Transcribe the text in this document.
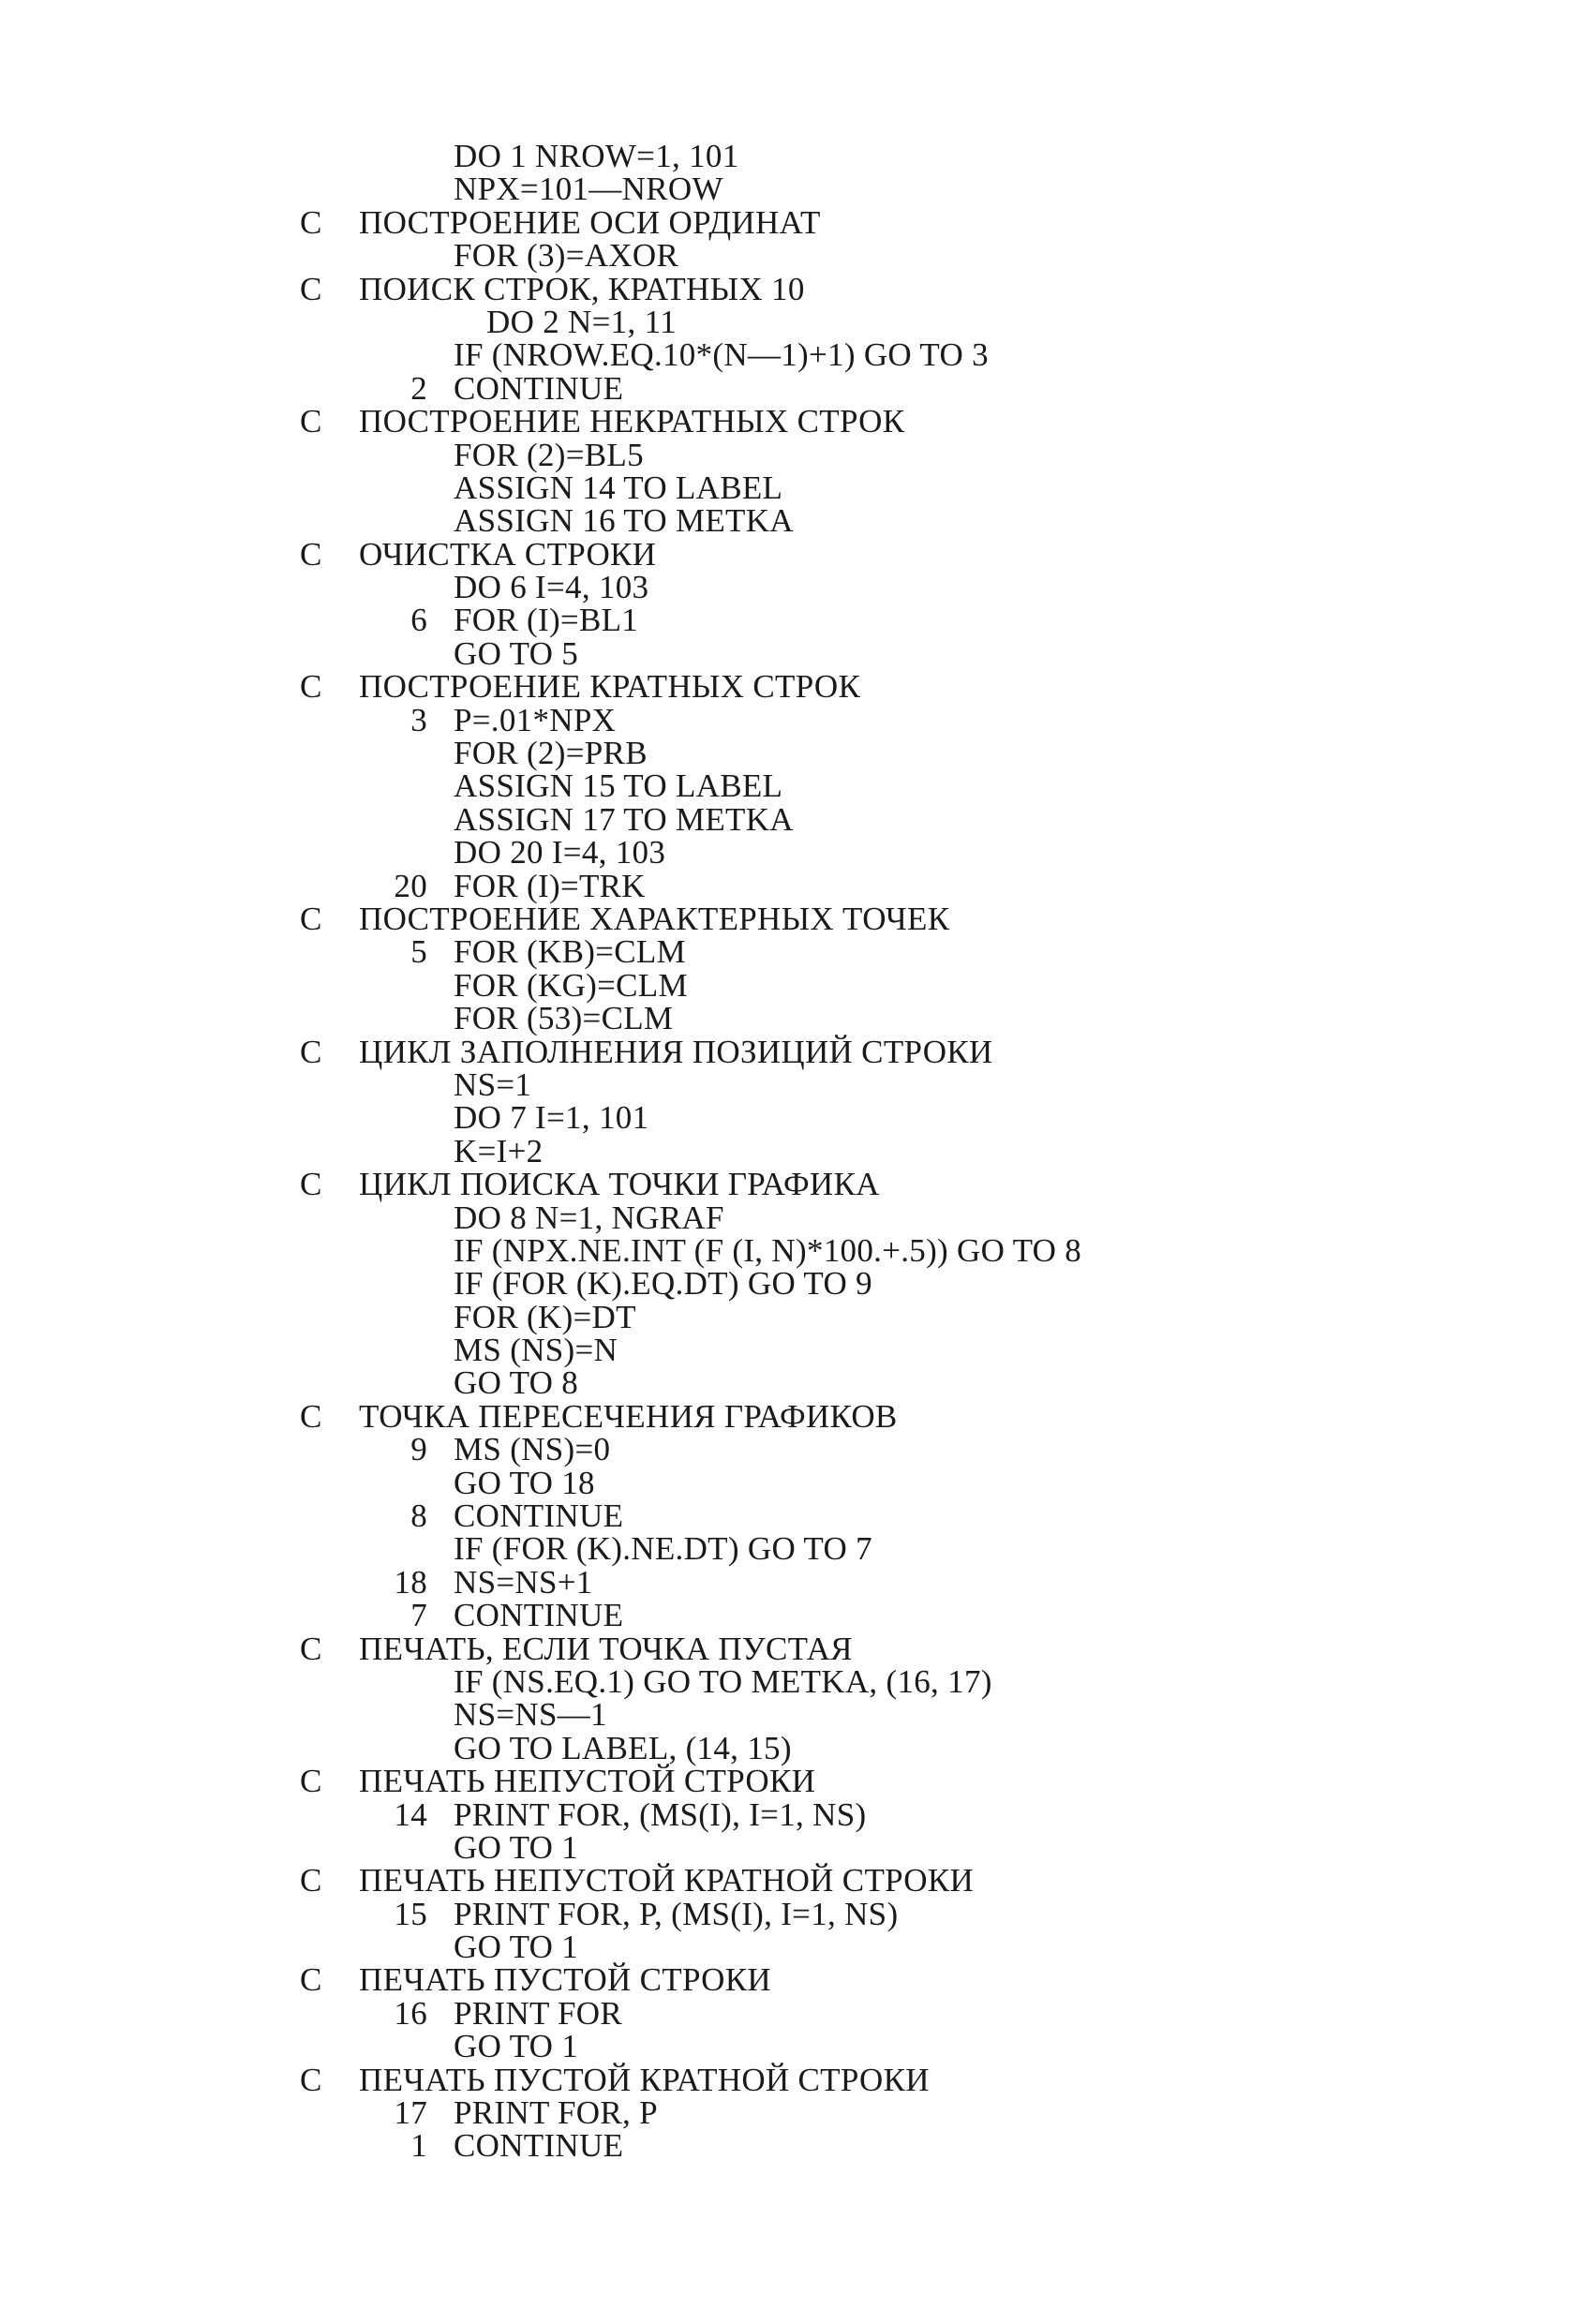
DO 1 NROW=1, 101
NPX=101—NROW
C ПОСТРОЕНИЕ ОСИ ОРДИНАТ
FOR (3)=AXOR
C ПОИСК СТРОК, КРАТНЫХ 10
DO 2 N=1, 11
IF (NROW.EQ.10*(N—1)+1) GO TO 3
2 CONTINUE
C ПОСТРОЕНИЕ НЕКРАТНЫХ СТРОК
FOR (2)=BL5
ASSIGN 14 TO LABEL
ASSIGN 16 TO METKA
C ОЧИСТКА СТРОКИ
DO 6 I=4, 103
6 FOR (I)=BL1
GO TO 5
C ПОСТРОЕНИЕ КРАТНЫХ СТРОК
3 P=.01*NPX
FOR (2)=PRB
ASSIGN 15 TO LABEL
ASSIGN 17 TO METKA
DO 20 I=4, 103
20 FOR (I)=TRK
C ПОСТРОЕНИЕ ХАРАКТЕРНЫХ ТОЧЕК
5 FOR (KB)=CLM
FOR (KG)=CLM
FOR (53)=CLM
C ЦИКЛ ЗАПОЛНЕНИЯ ПОЗИЦИЙ СТРОКИ
NS=1
DO 7 I=1, 101
K=I+2
C ЦИКЛ ПОИСКА ТОЧКИ ГРАФИКА
DO 8 N=1, NGRAF
IF (NPX.NE.INT (F (I, N)*100.+.5)) GO TO 8
IF (FOR (K).EQ.DT) GO TO 9
FOR (K)=DT
MS (NS)=N
GO TO 8
C ТОЧКА ПЕРЕСЕЧЕНИЯ ГРАФИКОВ
9 MS (NS)=0
GO TO 18
8 CONTINUE
IF (FOR (K).NE.DT) GO TO 7
18 NS=NS+1
7 CONTINUE
C ПЕЧАТЬ, ЕСЛИ ТОЧКА ПУСТАЯ
IF (NS.EQ.1) GO TO METKA, (16, 17)
NS=NS—1
GO TO LABEL, (14, 15)
C ПЕЧАТЬ НЕПУСТОЙ СТРОКИ
14 PRINT FOR, (MS(I), I=1, NS)
GO TO 1
C ПЕЧАТЬ НЕПУСТОЙ КРАТНОЙ СТРОКИ
15 PRINT FOR, P, (MS(I), I=1, NS)
GO TO 1
C ПЕЧАТЬ ПУСТОЙ СТРОКИ
16 PRINT FOR
GO TO 1
C ПЕЧАТЬ ПУСТОЙ КРАТНОЙ СТРОКИ
17 PRINT FOR, P
1 CONTINUE
